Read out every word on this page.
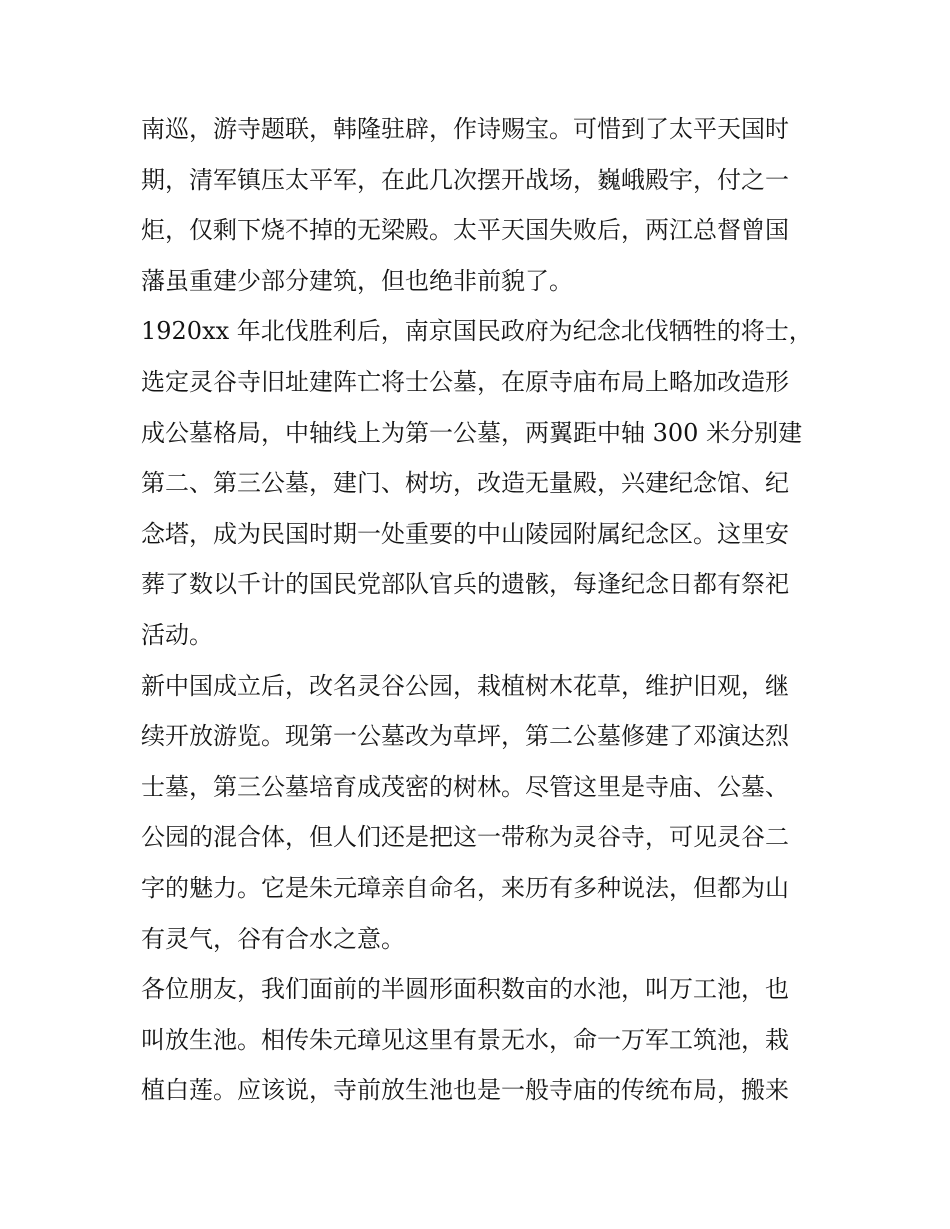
南巡，游寺题联，韩隆驻辟，作诗赐宝。可惜到了太平天国时
期，清军镇压太平军，在此几次摆开战场，巍峨殿宇，付之一
炬，仅剩下烧不掉的无梁殿。太平天国失败后，两江总督曾国
藩虽重建少部分建筑，但也绝非前貌了。
1920xx 年北伐胜利后，南京国民政府为纪念北伐牺牲的将士，
选定灵谷寺旧址建阵亡将士公墓，在原寺庙布局上略加改造形
成公墓格局，中轴线上为第一公墓，两翼距中轴 300 米分别建
第二、第三公墓，建门、树坊，改造无量殿，兴建纪念馆、纪
念塔，成为民国时期一处重要的中山陵园附属纪念区。这里安
葬了数以千计的国民党部队官兵的遗骸，每逢纪念日都有祭祀
活动。
新中国成立后，改名灵谷公园，栽植树木花草，维护旧观，继
续开放游览。现第一公墓改为草坪，第二公墓修建了邓演达烈
士墓，第三公墓培育成茂密的树林。尽管这里是寺庙、公墓、
公园的混合体，但人们还是把这一带称为灵谷寺，可见灵谷二
字的魅力。它是朱元璋亲自命名，来历有多种说法，但都为山
有灵气，谷有合水之意。
各位朋友，我们面前的半圆形面积数亩的水池，叫万工池，也
叫放生池。相传朱元璋见这里有景无水，命一万军工筑池，栽
植白莲。应该说，寺前放生池也是一般寺庙的传统布局，搬来
